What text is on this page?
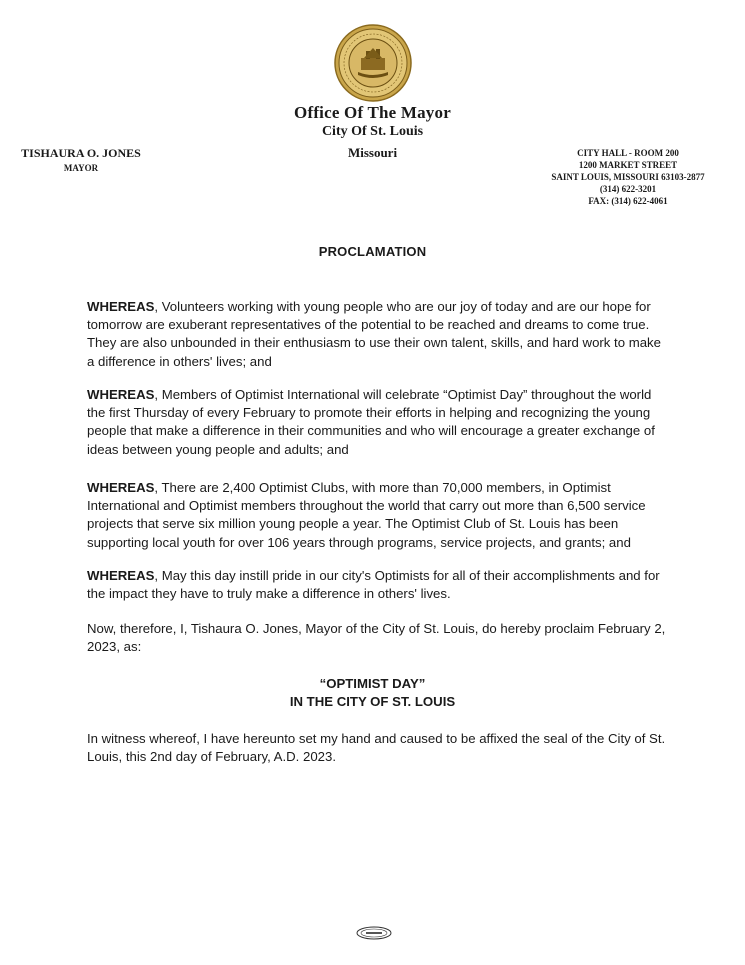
Office Of The Mayor
City Of St. Louis
Missouri
TISHAURA O. JONES
MAYOR
CITY HALL - ROOM 200
1200 MARKET STREET
SAINT LOUIS, MISSOURI 63103-2877
(314) 622-3201
FAX: (314) 622-4061
PROCLAMATION

WHEREAS, Volunteers working with young people who are our joy of today and are our hope for tomorrow are exuberant representatives of the potential to be reached and dreams to come true. They are also unbounded in their enthusiasm to use their own talent, skills, and hard work to make a difference in others' lives; and

WHEREAS, Members of Optimist International will celebrate “Optimist Day” throughout the world the first Thursday of every February to promote their efforts in helping and recognizing the young people that make a difference in their communities and who will encourage a greater exchange of ideas between young people and adults; and

WHEREAS, There are 2,400 Optimist Clubs, with more than 70,000 members, in Optimist International and Optimist members throughout the world that carry out more than 6,500 service projects that serve six million young people a year. The Optimist Club of St. Louis has been supporting local youth for over 106 years through programs, service projects, and grants; and

WHEREAS, May this day instill pride in our city's Optimists for all of their accomplishments and for the impact they have to truly make a difference in others' lives.

Now, therefore, I, Tishaura O. Jones, Mayor of the City of St. Louis, do hereby proclaim February 2, 2023, as:

“OPTIMIST DAY”
IN THE CITY OF ST. LOUIS

In witness whereof, I have hereunto set my hand and caused to be affixed the seal of the City of St. Louis, this 2nd day of February, A.D. 2023.
